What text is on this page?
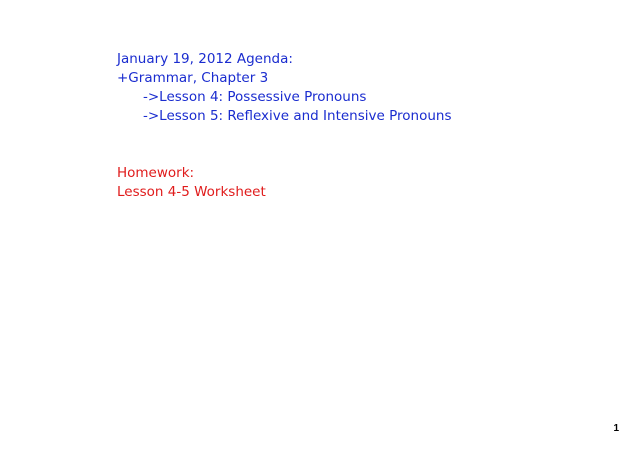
January 19, 2012 Agenda:
+Grammar, Chapter 3
->Lesson 4: Possessive Pronouns
->Lesson 5: Reflexive and Intensive Pronouns
Homework:
Lesson 4-5 Worksheet
1
